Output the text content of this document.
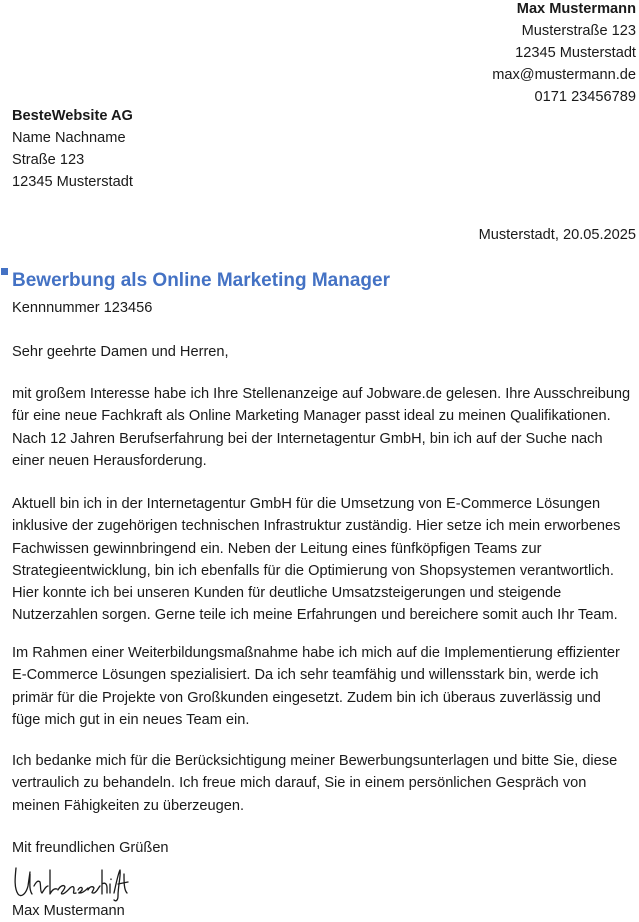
Max Mustermann
Musterstraße 123
12345 Musterstadt
max@mustermann.de
0171 23456789
BesteWebsite AG
Name Nachname
Straße 123
12345 Musterstadt
Musterstadt, 20.05.2025
Bewerbung als Online Marketing Manager
Kennnummer 123456
Sehr geehrte Damen und Herren,
mit großem Interesse habe ich Ihre Stellenanzeige auf Jobware.de gelesen. Ihre Ausschreibung
für eine neue Fachkraft als Online Marketing Manager passt ideal zu meinen Qualifikationen.
Nach 12 Jahren Berufserfahrung bei der Internetagentur GmbH, bin ich auf der Suche nach
einer neuen Herausforderung.
Aktuell bin ich in der Internetagentur GmbH für die Umsetzung von E-Commerce Lösungen
inklusive der zugehörigen technischen Infrastruktur zuständig. Hier setze ich mein erworbenes
Fachwissen gewinnbringend ein. Neben der Leitung eines fünfköpfigen Teams zur
Strategieentwicklung, bin ich ebenfalls für die Optimierung von Shopsystemen verantwortlich.
Hier konnte ich bei unseren Kunden für deutliche Umsatzsteigerungen und steigende
Nutzerzahlen sorgen. Gerne teile ich meine Erfahrungen und bereichere somit auch Ihr Team.
Im Rahmen einer Weiterbildungsmaßnahme habe ich mich auf die Implementierung effizienter
E-Commerce Lösungen spezialisiert. Da ich sehr teamfähig und willensstark bin, werde ich
primär für die Projekte von Großkunden eingesetzt. Zudem bin ich überaus zuverlässig und
füge mich gut in ein neues Team ein.
Ich bedanke mich für die Berücksichtigung meiner Bewerbungsunterlagen und bitte Sie, diese
vertraulich zu behandeln. Ich freue mich darauf, Sie in einem persönlichen Gespräch von
meinen Fähigkeiten zu überzeugen.
Mit freundlichen Grüßen
Max Mustermann
